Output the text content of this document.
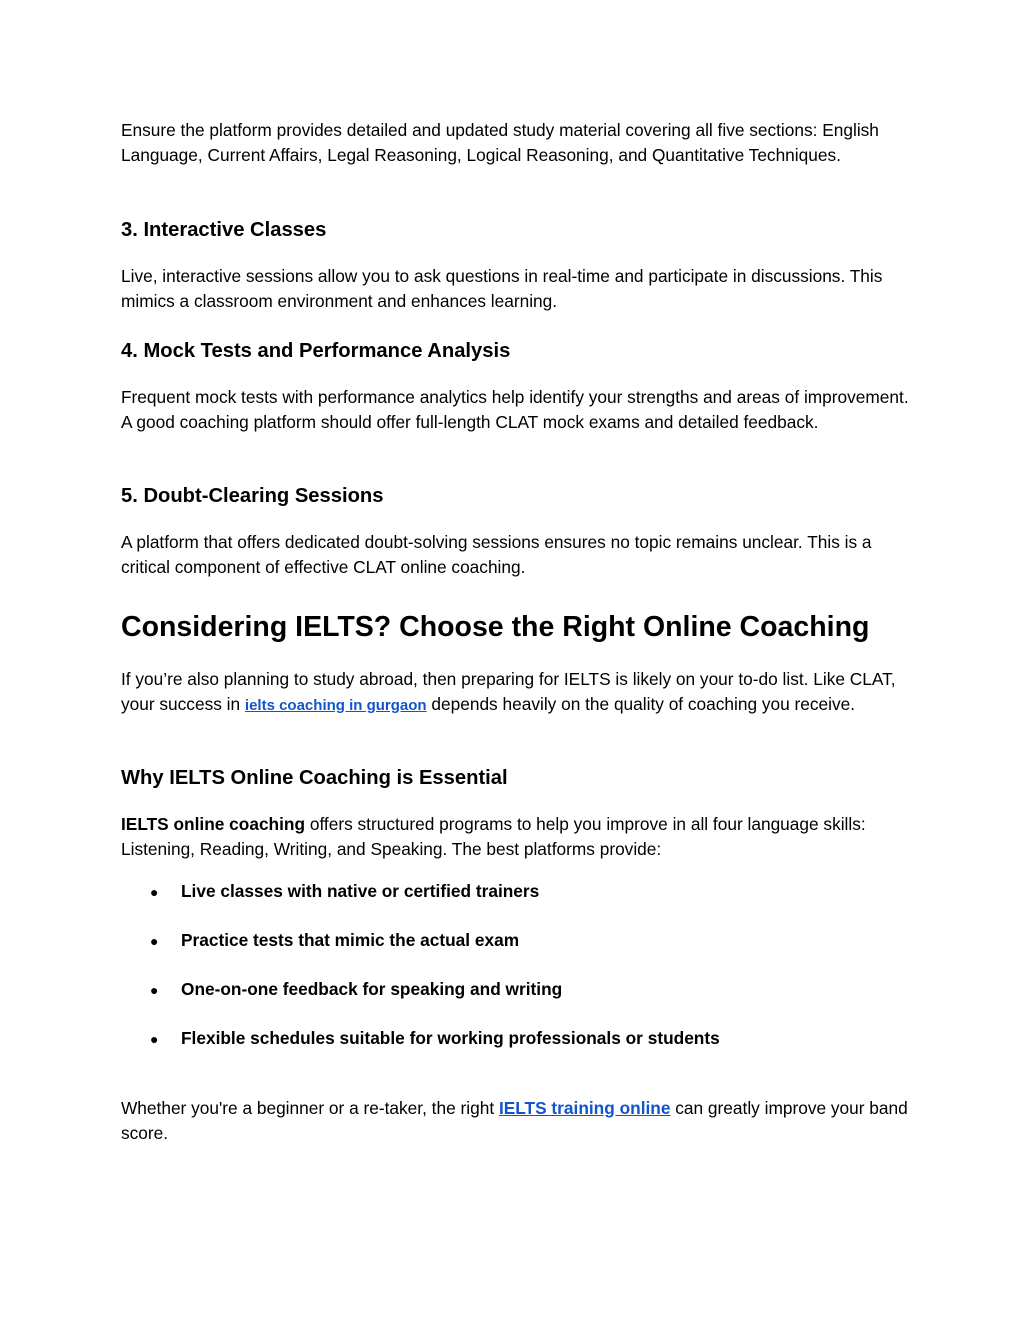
Ensure the platform provides detailed and updated study material covering all five sections: English Language, Current Affairs, Legal Reasoning, Logical Reasoning, and Quantitative Techniques.

3. Interactive Classes

Live, interactive sessions allow you to ask questions in real-time and participate in discussions. This mimics a classroom environment and enhances learning.

4. Mock Tests and Performance Analysis

Frequent mock tests with performance analytics help identify your strengths and areas of improvement. A good coaching platform should offer full-length CLAT mock exams and detailed feedback.

5. Doubt-Clearing Sessions

A platform that offers dedicated doubt-solving sessions ensures no topic remains unclear. This is a critical component of effective CLAT online coaching.

Considering IELTS? Choose the Right Online Coaching

If you’re also planning to study abroad, then preparing for IELTS is likely on your to-do list. Like CLAT, your success in ielts coaching in gurgaon depends heavily on the quality of coaching you receive.

Why IELTS Online Coaching is Essential

IELTS online coaching offers structured programs to help you improve in all four language skills: Listening, Reading, Writing, and Speaking. The best platforms provide:

● Live classes with native or certified trainers
● Practice tests that mimic the actual exam
● One-on-one feedback for speaking and writing
● Flexible schedules suitable for working professionals or students

Whether you're a beginner or a re-taker, the right IELTS training online can greatly improve your band score.
